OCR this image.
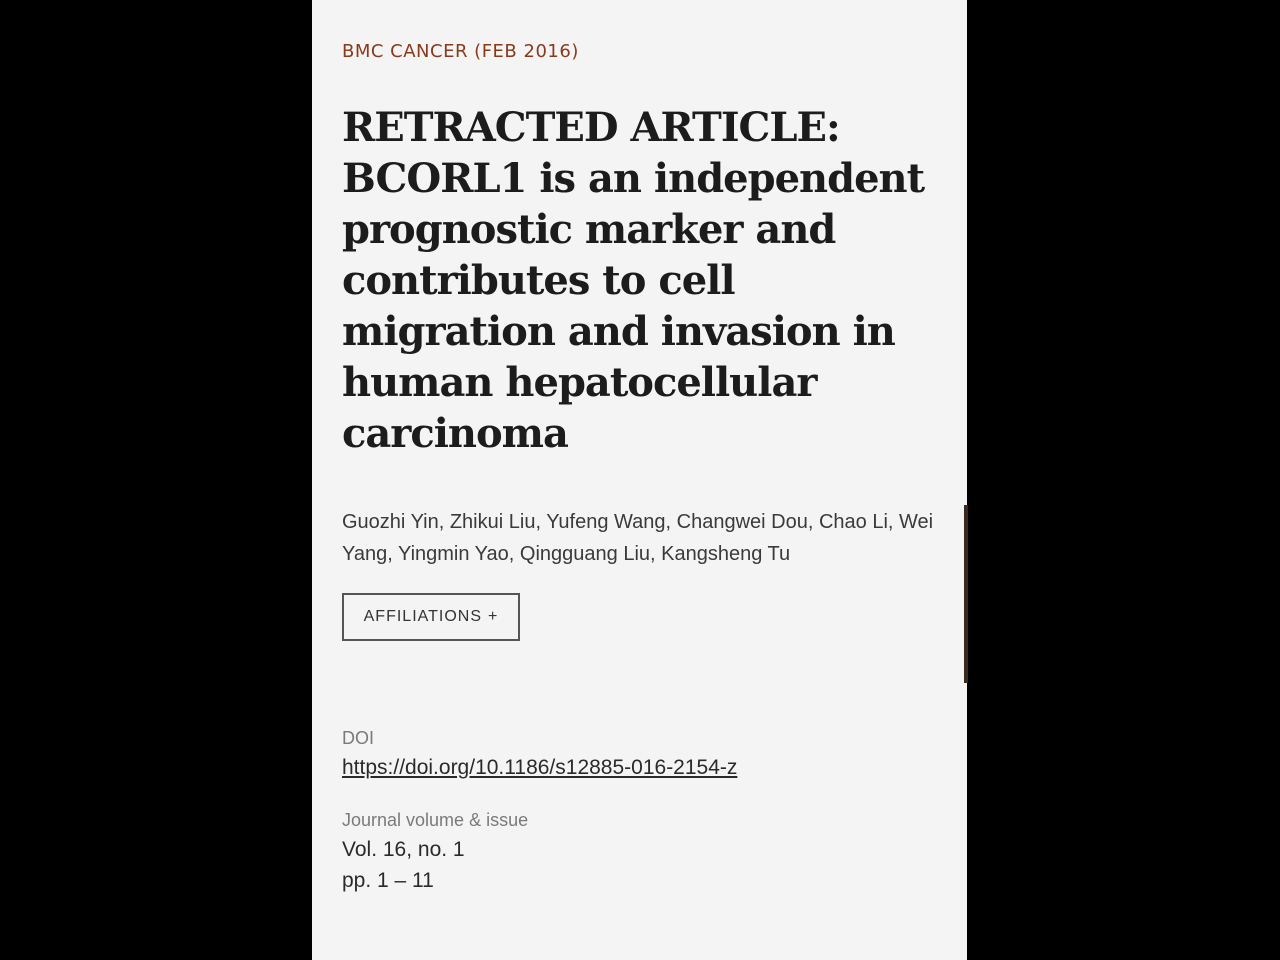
BMC CANCER (FEB 2016)
RETRACTED ARTICLE: BCORL1 is an independent prognostic marker and contributes to cell migration and invasion in human hepatocellular carcinoma
Guozhi Yin, Zhikui Liu, Yufeng Wang, Changwei Dou, Chao Li, Wei Yang, Yingmin Yao, Qingguang Liu, Kangsheng Tu
AFFILIATIONS +
DOI
https://doi.org/10.1186/s12885-016-2154-z
Journal volume & issue
Vol. 16, no. 1
pp. 1 – 11
